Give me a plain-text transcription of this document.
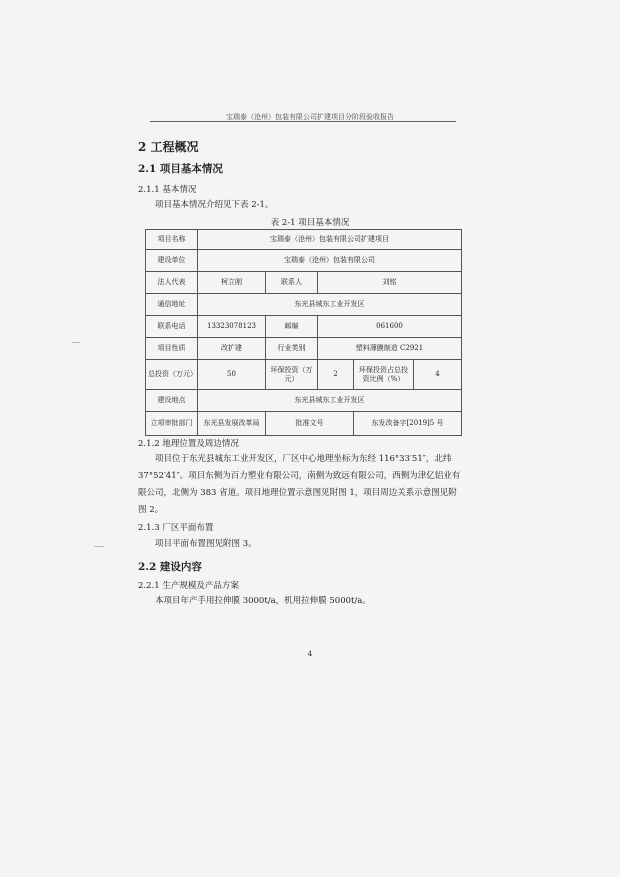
宝瑞泰（沧州）包装有限公司扩建项目分阶段验收报告
2 工程概况
2.1 项目基本情况
2.1.1 基本情况
项目基本情况介绍见下表 2-1。
表 2-1 项目基本情况
项目名称	宝瑞泰（沧州）包装有限公司扩建项目				
建设单位	宝瑞泰（沧州）包装有限公司				
法人代表	柯立刚	联系人	刘铭		
通信地址	东光县城东工业开发区				
联系电话	13323078123	邮编	061600		
项目性质	改扩建	行业类别	塑料薄膜制造 C2921		
总投资（万元）	50	环保投资（万元）	2	环保投资占总投资比例（%）	4
建设地点	东光县城东工业开发区				
立项审批部门	东光县发展改革局	批准文号		东发改备字[2019]5 号	
2.1.2 地理位置及周边情况
项目位于东光县城东工业开发区，厂区中心地理坐标为东经 116°33′51″，北纬 37°52′41″。项目东侧为百力塑业有限公司，南侧为致远有限公司，西侧为津亿铝业有限公司，北侧为 383 省道。项目地理位置示意图见附图 1，项目周边关系示意图见附图 2。
2.1.3 厂区平面布置
项目平面布置图见附图 3。
2.2 建设内容
2.2.1 生产规模及产品方案
本项目年产手用拉伸膜 3000t/a，机用拉伸膜 5000t/a。
4
